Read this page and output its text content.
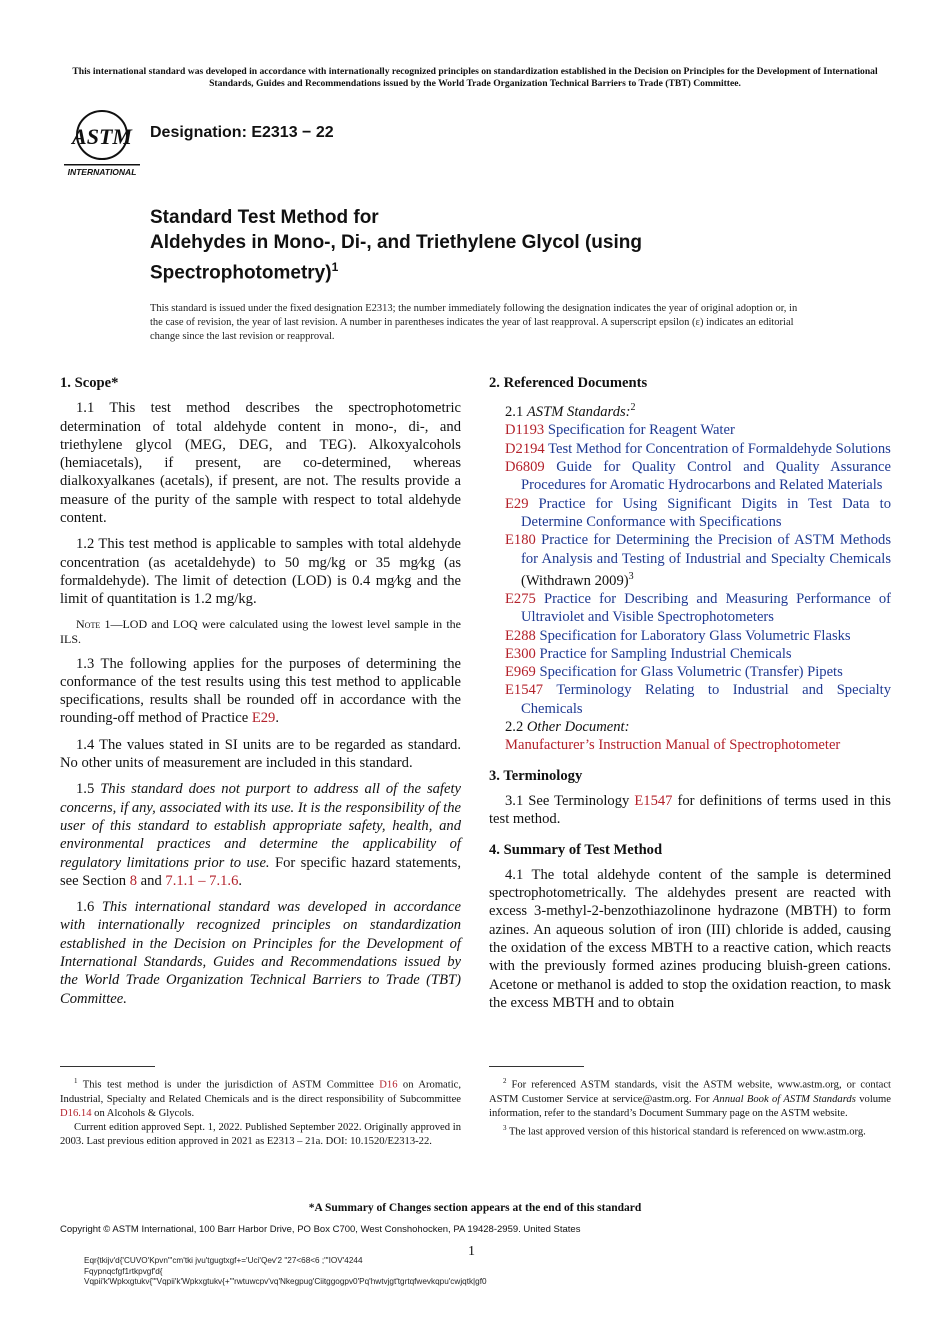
This international standard was developed in accordance with internationally recognized principles on standardization established in the Decision on Principles for the Development of International Standards, Guides and Recommendations issued by the World Trade Organization Technical Barriers to Trade (TBT) Committee.
ASTM
INTERNATIONAL
Designation: E2313 − 22
Standard Test Method for
Aldehydes in Mono-, Di-, and Triethylene Glycol (using
Spectrophotometry)$^1$
This standard is issued under the fixed designation E2313; the number immediately following the designation indicates the year of original adoption or, in the case of revision, the year of last revision. A number in parentheses indicates the year of last reapproval. A superscript epsilon (ε) indicates an editorial change since the last revision or reapproval.
1. Scope*

1.1 This test method describes the spectrophotometric determination of total aldehyde content in mono-, di-, and triethylene glycol (MEG, DEG, and TEG). Alkoxyalcohols (hemiacetals), if present, are co-determined, whereas dialkoxyalkanes (acetals), if present, are not. The results provide a measure of the purity of the sample with respect to total aldehyde content.

1.2 This test method is applicable to samples with total aldehyde concentration (as acetaldehyde) to 50 mg/kg or 35 mg⁄kg (as formaldehyde). The limit of detection (LOD) is 0.4 mg⁄kg and the limit of quantitation is 1.2 mg/kg.

Note 1—LOD and LOQ were calculated using the lowest level sample in the ILS.

1.3 The following applies for the purposes of determining the conformance of the test results using this test method to applicable specifications, results shall be rounded off in accordance with the rounding-off method of Practice E29.

1.4 The values stated in SI units are to be regarded as standard. No other units of measurement are included in this standard.

1.5 This standard does not purport to address all of the safety concerns, if any, associated with its use. It is the responsibility of the user of this standard to establish appropriate safety, health, and environmental practices and determine the applicability of regulatory limitations prior to use. For specific hazard statements, see Section 8 and 7.1.1 – 7.1.6.

1.6 This international standard was developed in accordance with internationally recognized principles on standardization established in the Decision on Principles for the Development of International Standards, Guides and Recommendations issued by the World Trade Organization Technical Barriers to Trade (TBT) Committee.

2. Referenced Documents

2.1 ASTM Standards:$^2$

D1193 Specification for Reagent Water

D2194 Test Method for Concentration of Formaldehyde Solutions

D6809 Guide for Quality Control and Quality Assurance Procedures for Aromatic Hydrocarbons and Related Materials

E29 Practice for Using Significant Digits in Test Data to Determine Conformance with Specifications

E180 Practice for Determining the Precision of ASTM Methods for Analysis and Testing of Industrial and Specialty Chemicals (Withdrawn 2009)$^3$

E275 Practice for Describing and Measuring Performance of Ultraviolet and Visible Spectrophotometers

E288 Specification for Laboratory Glass Volumetric Flasks

E300 Practice for Sampling Industrial Chemicals

E969 Specification for Glass Volumetric (Transfer) Pipets

E1547 Terminology Relating to Industrial and Specialty Chemicals

2.2 Other Document:

Manufacturer’s Instruction Manual of Spectrophotometer

3. Terminology

3.1 See Terminology E1547 for definitions of terms used in this test method.

4. Summary of Test Method

4.1 The total aldehyde content of the sample is determined spectrophotometrically. The aldehydes present are reacted with excess 3-methyl-2-benzothiazolinone hydrazone (MBTH) to form azines. An aqueous solution of iron (III) chloride is added, causing the oxidation of the excess MBTH to a reactive cation, which reacts with the previously formed azines producing bluish-green cations. Acetone or methanol is added to stop the oxidation reaction, to mask the excess MBTH and to obtain

$^1$ This test method is under the jurisdiction of ASTM Committee D16 on Aromatic, Industrial, Specialty and Related Chemicals and is the direct responsibility of Subcommittee D16.14 on Alcohols & Glycols.

Current edition approved Sept. 1, 2022. Published September 2022. Originally approved in 2003. Last previous edition approved in 2021 as E2313 – 21a. DOI: 10.1520/E2313-22.

$^2$ For referenced ASTM standards, visit the ASTM website, www.astm.org, or contact ASTM Customer Service at service@astm.org. For Annual Book of ASTM Standards volume information, refer to the standard’s Document Summary page on the ASTM website.

$^3$ The last approved version of this historical standard is referenced on www.astm.org.

*A Summary of Changes section appears at the end of this standard
Copyright © ASTM International, 100 Barr Harbor Drive, PO Box C700, West Conshohocken, PA 19428-2959. United States
1
Eqr{tkijv'd{'CUVO'Kpvn'"cm'tki jvu'tgugtxgf+='Uci'Qev'2 "27<68<6 ;"'IOV'4244
Fqypnqcfgf1rtkpvgf'd{
Vqpii'k'Wpkxgtukv{"'Vqpii'k'Wpkxgtukv{+'"rwtuwcpv'vq'Nkegpug'Ciitggogpv0'Pq'hwtvjgt'tgrtqfwevkqpu'cwjqtk|gf0
